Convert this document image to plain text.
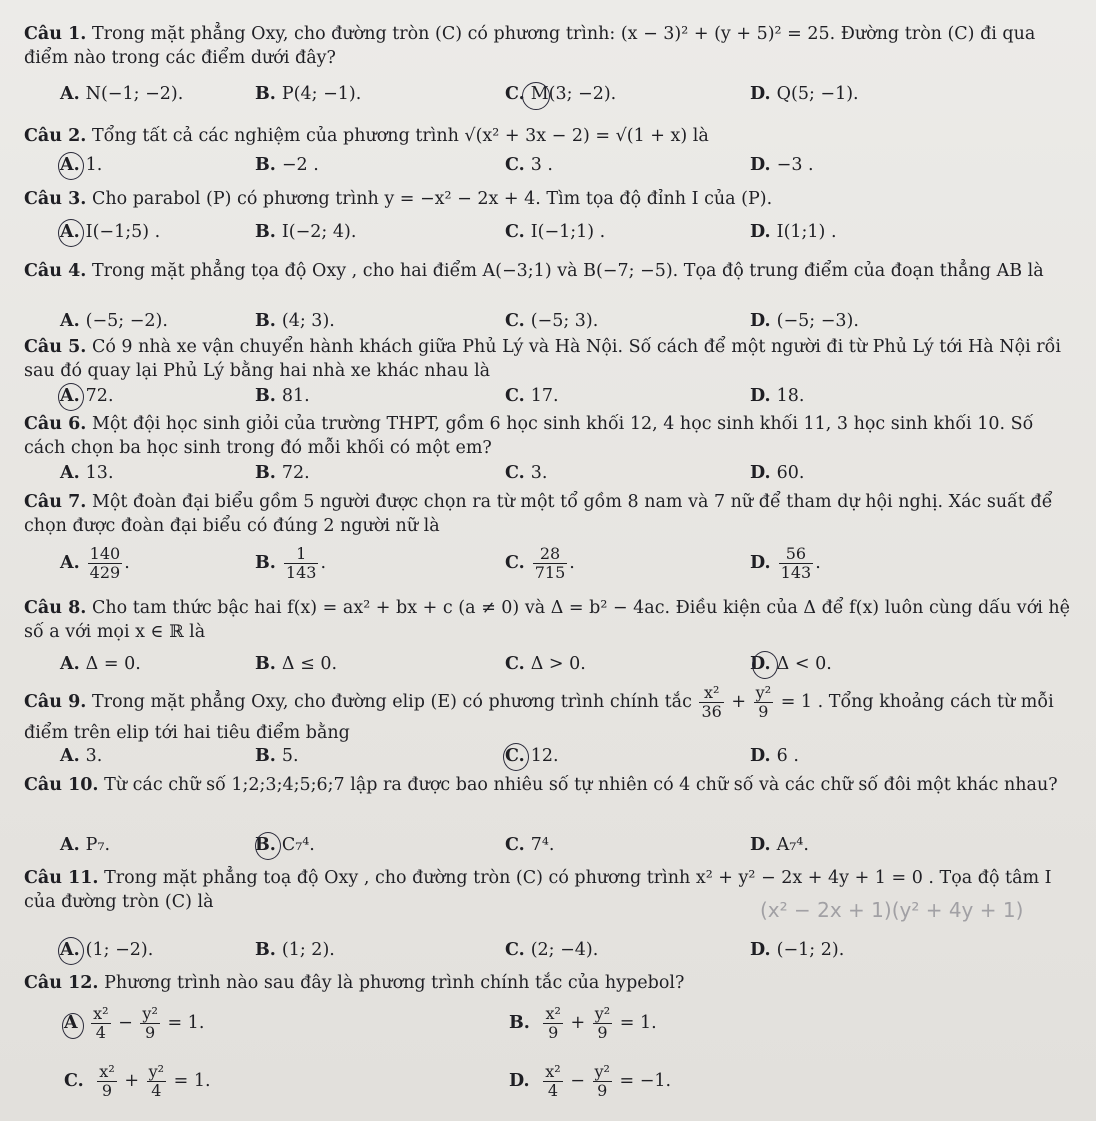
Câu 1. Trong mặt phẳng Oxy, cho đường tròn (C) có phương trình: (x − 3)² + (y + 5)² = 25. Đường tròn (C) đi qua điểm nào trong các điểm dưới đây?
A. N(−1; −2).	B. P(4; −1).	C. M(3; −2).	D. Q(5; −1).
Câu 2. Tổng tất cả các nghiệm của phương trình √(x² + 3x − 2) = √(1 + x) là
A. 1.	B. −2 .	C. 3 .	D. −3 .
Câu 3. Cho parabol (P) có phương trình y = −x² − 2x + 4. Tìm tọa độ đỉnh I của (P).
A. I(−1;5) .	B. I(−2; 4).	C. I(−1;1) .	D. I(1;1) .
Câu 4. Trong mặt phẳng tọa độ Oxy , cho hai điểm A(−3;1) và B(−7; −5). Tọa độ trung điểm của đoạn thẳng AB là
A. (−5; −2).	B. (4; 3).	C. (−5; 3).	D. (−5; −3).
Câu 5. Có 9 nhà xe vận chuyển hành khách giữa Phủ Lý và Hà Nội. Số cách để một người đi từ Phủ Lý tới Hà Nội rồi sau đó quay lại Phủ Lý bằng hai nhà xe khác nhau là
A. 72.	B. 81.	C. 17.	D. 18.
Câu 6. Một đội học sinh giỏi của trường THPT, gồm 6 học sinh khối 12, 4 học sinh khối 11, 3 học sinh khối 10. Số cách chọn ba học sinh trong đó mỗi khối có một em?
A. 13.	B. 72.	C. 3.	D. 60.
Câu 7. Một đoàn đại biểu gồm 5 người được chọn ra từ một tổ gồm 8 nam và 7 nữ để tham dự hội nghị. Xác suất để chọn được đoàn đại biểu có đúng 2 người nữ là
A. $\frac{140}{429}$ .	B. $\frac{1}{143}$ .	C. $\frac{28}{715}$ .	D. $\frac{56}{143}$ .
Câu 8. Cho tam thức bậc hai f(x) = ax² + bx + c (a ≠ 0) và Δ = b² − 4ac. Điều kiện của Δ để f(x) luôn cùng dấu với hệ số a với mọi x ∈ ℝ là
A. Δ = 0.	B. Δ ≤ 0.	C. Δ > 0.	D. Δ < 0.
Câu 9. Trong mặt phẳng Oxy, cho đường elip (E) có phương trình chính tắc $\frac{\text{x²}}{36} + \frac{\text{y²}}{9} = 1$ . Tổng khoảng cách từ mỗi điểm trên elip tới hai tiêu điểm bằng
A. 3.	B. 5.	C. 12.	D. 6 .
Câu 10. Từ các chữ số 1;2;3;4;5;6;7 lập ra được bao nhiêu số tự nhiên có 4 chữ số và các chữ số đôi một khác nhau?
A. P₇.	B. C₇⁴.	C. 7⁴.	D. A₇⁴.
Câu 11. Trong mặt phẳng toạ độ Oxy , cho đường tròn (C) có phương trình x² + y² − 2x + 4y + 1 = 0 . Tọa độ tâm I của đường tròn (C) là	(x² − 2x + 1)(y² + 4y + 1)
A. (1; −2).	B. (1; 2).	C. (2; −4).	D. (−1; 2).
Câu 12. Phương trình nào sau đây là phương trình chính tắc của hypebol?
A $\frac{\text{x²}}{4} - \frac{\text{y²}}{9} = 1$.	B. $\frac{\text{x²}}{9} + \frac{\text{y²}}{9} = 1$.
C. $\frac{\text{x²}}{9} + \frac{\text{y²}}{4} = 1$.	D. $\frac{\text{x²}}{4} - \frac{\text{y²}}{9} = -1$.
